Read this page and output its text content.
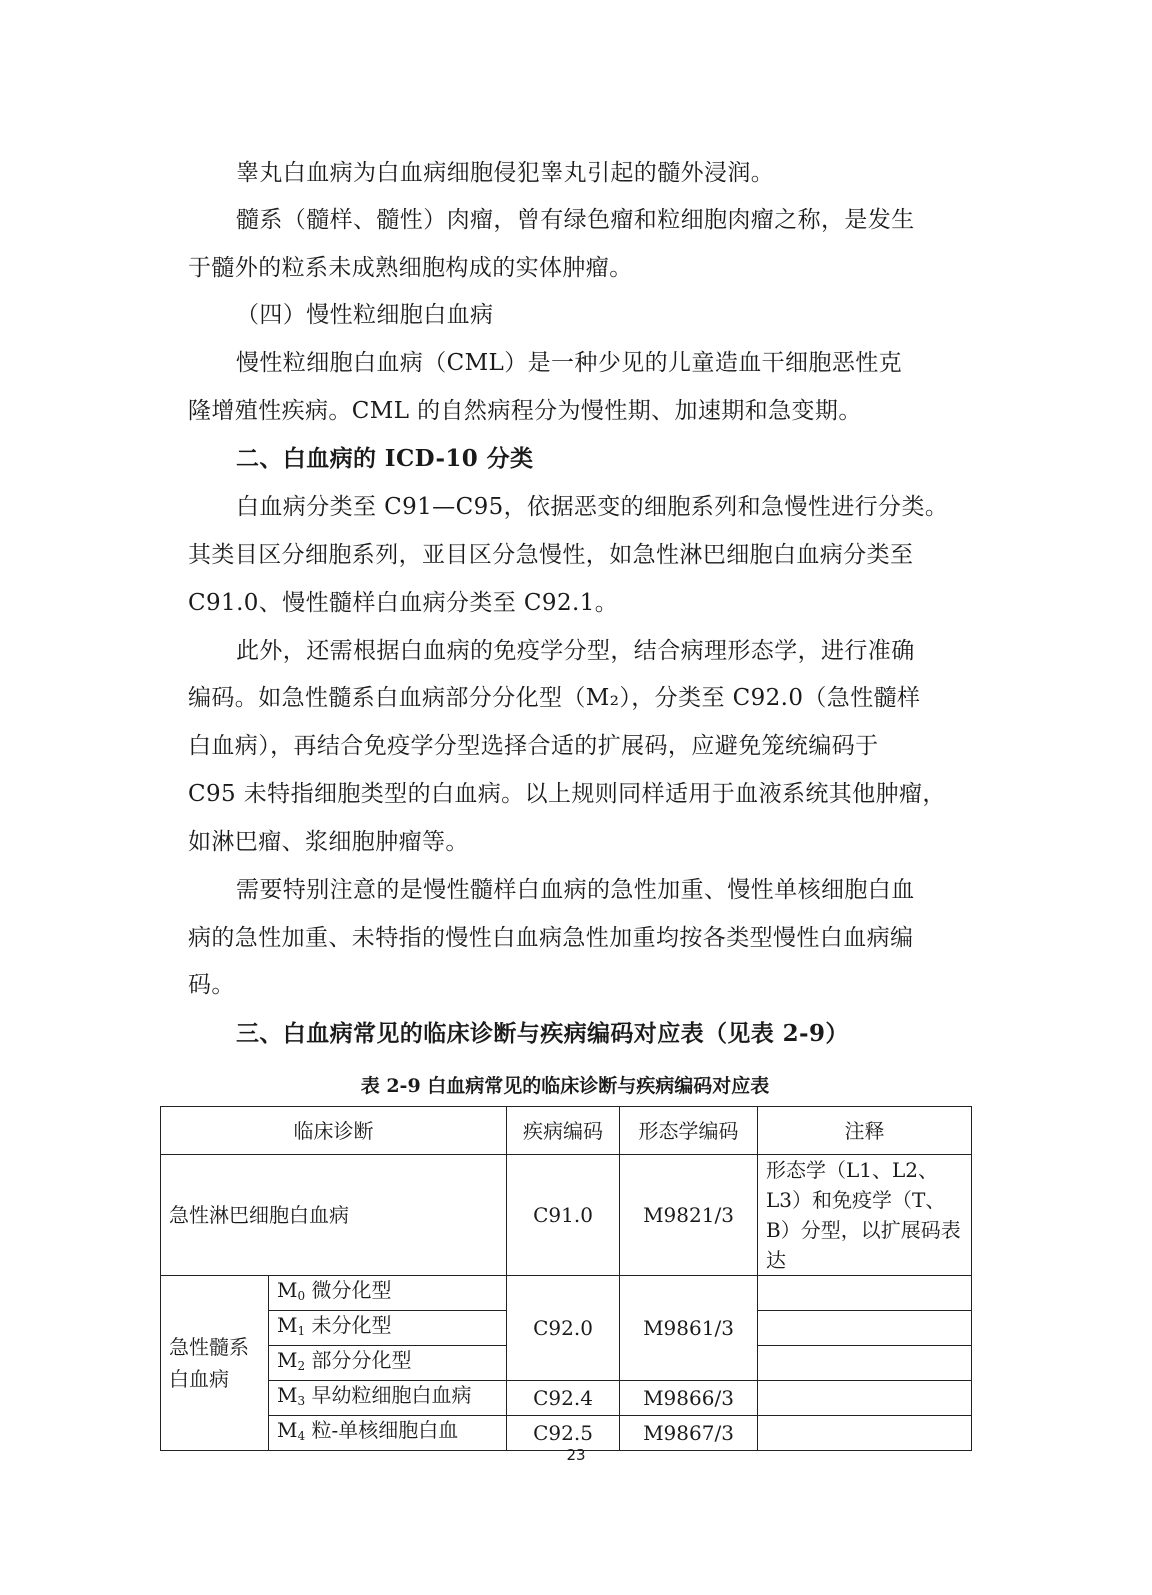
睾丸白血病为白血病细胞侵犯睾丸引起的髓外浸润。
髓系（髓样、髓性）肉瘤，曾有绿色瘤和粒细胞肉瘤之称，是发生
于髓外的粒系未成熟细胞构成的实体肿瘤。
（四）慢性粒细胞白血病
慢性粒细胞白血病（CML）是一种少见的儿童造血干细胞恶性克
隆增殖性疾病。CML 的自然病程分为慢性期、加速期和急变期。
二、白血病的 ICD-10 分类
白血病分类至 C91—C95，依据恶变的细胞系列和急慢性进行分类。
其类目区分细胞系列，亚目区分急慢性，如急性淋巴细胞白血病分类至
C91.0、慢性髓样白血病分类至 C92.1。
此外，还需根据白血病的免疫学分型，结合病理形态学，进行准确
编码。如急性髓系白血病部分分化型（M₂），分类至 C92.0（急性髓样
白血病），再结合免疫学分型选择合适的扩展码，应避免笼统编码于
C95 未特指细胞类型的白血病。以上规则同样适用于血液系统其他肿瘤，
如淋巴瘤、浆细胞肿瘤等。
需要特别注意的是慢性髓样白血病的急性加重、慢性单核细胞白血
病的急性加重、未特指的慢性白血病急性加重均按各类型慢性白血病编
码。
三、白血病常见的临床诊断与疾病编码对应表（见表 2-9）
表 2-9 白血病常见的临床诊断与疾病编码对应表
临床诊断		疾病编码	形态学编码	注释
急性淋巴细胞白血病		C91.0	M9821/3	形态学（L1、L2、L3）和免疫学（T、B）分型，以扩展码表达
急性髓系白血病	$M_0$ 微分化型	C92.0	M9861/3	
	$M_1$ 未分化型			
	$M_2$ 部分分化型			
	$M_3$ 早幼粒细胞白血病	C92.4	M9866/3	
	$M_4$ 粒-单核细胞白血	C92.5	M9867/3	
23
